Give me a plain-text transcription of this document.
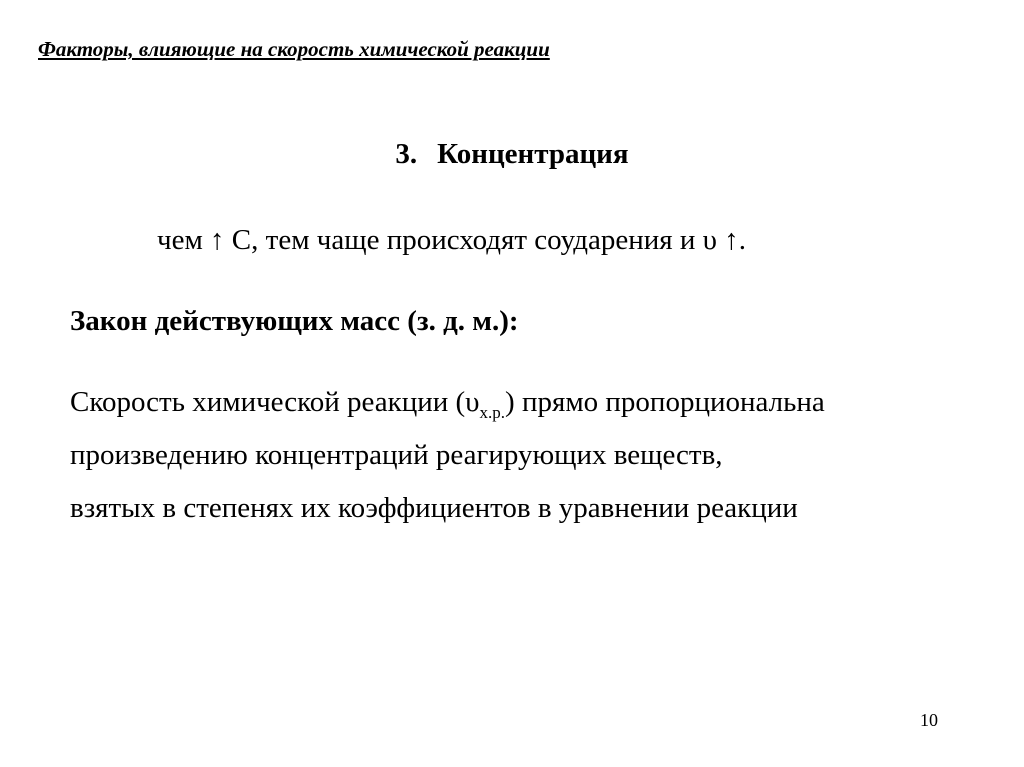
Факторы, влияющие на скорость химической реакции
3. Концентрация
чем ↑ С, тем чаще происходят соударения и υ ↑.
Закон действующих масс (з. д. м.):
Скорость химической реакции $(\upsilon_{х.р.})$ прямо пропорциональна
произведению концентраций реагирующих веществ,
взятых в степенях их коэффициентов в уравнении реакции
10
